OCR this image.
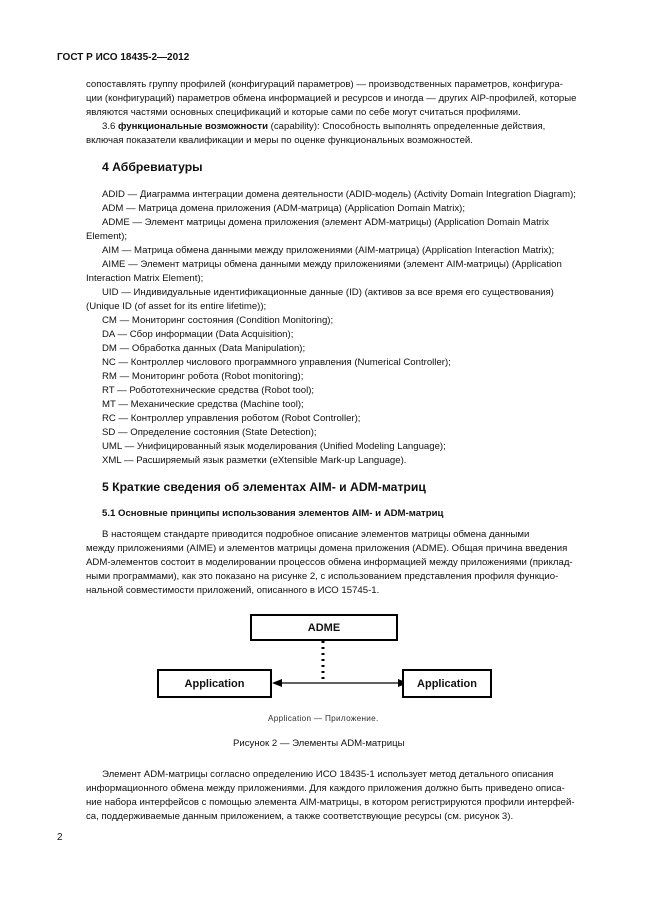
ГОСТ Р ИСО 18435-2—2012
сопоставлять группу профилей (конфигураций параметров) — производственных параметров, конфигура-
ции (конфигураций) параметров обмена информацией и ресурсов и иногда — других AIP-профилей, которые
являются частями основных спецификаций и которые сами по себе могут считаться профилями.
3.6 функциональные возможности (capability): Способность выполнять определенные действия,
включая показатели квалификации и меры по оценке функциональных возможностей.
4 Аббревиатуры
ADID — Диаграмма интеграции домена деятельности (ADID-модель) (Activity Domain Integration Diagram);
ADM — Матрица домена приложения (ADM-матрица) (Application Domain Matrix);
ADME — Элемент матрицы домена приложения (элемент ADM-матрицы) (Application Domain Matrix
Element);
AIM — Матрица обмена данными между приложениями (AIM-матрица) (Application Interaction Matrix);
AIME — Элемент матрицы обмена данными между приложениями (элемент AIM-матрицы) (Application
Interaction Matrix Element);
UID — Индивидуальные идентификационные данные (ID) (активов за все время его существования)
(Unique ID (of asset for its entire lifetime));
CM — Мониторинг состояния (Condition Monitoring);
DA — Сбор информации (Data Acquisition);
DM — Обработка данных (Data Manipulation);
NC — Контроллер числового программного управления (Numerical Controller);
RM — Мониторинг робота (Robot monitoring);
RT — Робототехнические средства (Robot tool);
MT — Механические средства (Machine tool);
RC — Контроллер управления роботом (Robot Controller);
SD — Определение состояния (State Detection);
UML — Унифицированный язык моделирования (Unified Modeling Language);
XML — Расширяемый язык разметки (eXtensible Mark-up Language).
5 Краткие сведения об элементах AIM- и ADM-матриц
5.1 Основные принципы использования элементов AIM- и ADM-матриц
В настоящем стандарте приводится подробное описание элементов матрицы обмена данными
между приложениями (AIME) и элементов матрицы домена приложения (ADME). Общая причина введения
ADM-элементов состоит в моделировании процессов обмена информацией между приложениями (приклад-
ными программами), как это показано на рисунке 2, с использованием представления профиля функцио-
нальной совместимости приложений, описанного в ИСО 15745-1.
ADME
Application	Application
Application — Приложение.
Рисунок 2 — Элементы ADM-матрицы
Элемент ADM-матрицы согласно определению ИСО 18435-1 использует метод детального описания
информационного обмена между приложениями. Для каждого приложения должно быть приведено описа-
ние набора интерфейсов с помощью элемента AIM-матрицы, в котором регистрируются профили интерфей-
са, поддерживаемые данным приложением, а также соответствующие ресурсы (см. рисунок 3).
2
